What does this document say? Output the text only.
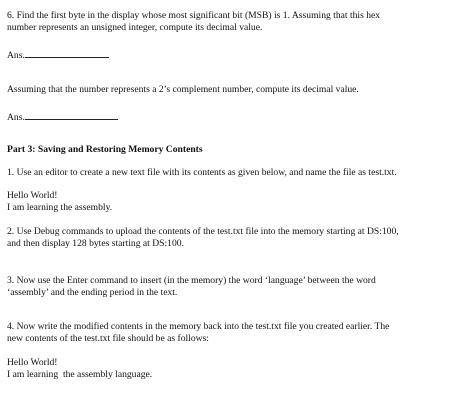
6. Find the first byte in the display whose most significant bit (MSB) is 1. Assuming that this hex

number represents an unsigned integer, compute its decimal value.

Ans.

Assuming that the number represents a 2’s complement number, compute its decimal value.

Ans.

Part 3: Saving and Restoring Memory Contents

1. Use an editor to create a new text file with its contents as given below, and name the file as test.txt.

Hello World!

I am learning the assembly.

2. Use Debug commands to upload the contents of the test.txt file into the memory starting at DS:100,

and then display 128 bytes starting at DS:100.

3. Now use the Enter command to insert (in the memory) the word ‘language’ between the word

‘assembly’ and the ending period in the text.

4. Now write the modified contents in the memory back into the test.txt file you created earlier. The

new contents of the test.txt file should be as follows:

Hello World!

I am learning  the assembly language.
